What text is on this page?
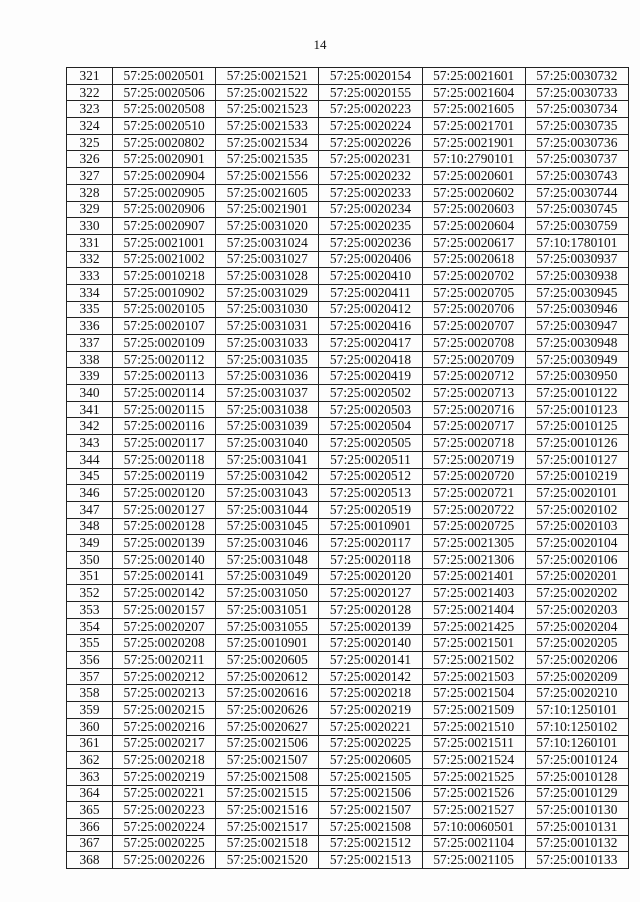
14
321	57:25:0020501	57:25:0021521	57:25:0020154	57:25:0021601	57:25:0030732
322	57:25:0020506	57:25:0021522	57:25:0020155	57:25:0021604	57:25:0030733
323	57:25:0020508	57:25:0021523	57:25:0020223	57:25:0021605	57:25:0030734
324	57:25:0020510	57:25:0021533	57:25:0020224	57:25:0021701	57:25:0030735
325	57:25:0020802	57:25:0021534	57:25:0020226	57:25:0021901	57:25:0030736
326	57:25:0020901	57:25:0021535	57:25:0020231	57:10:2790101	57:25:0030737
327	57:25:0020904	57:25:0021556	57:25:0020232	57:25:0020601	57:25:0030743
328	57:25:0020905	57:25:0021605	57:25:0020233	57:25:0020602	57:25:0030744
329	57:25:0020906	57:25:0021901	57:25:0020234	57:25:0020603	57:25:0030745
330	57:25:0020907	57:25:0031020	57:25:0020235	57:25:0020604	57:25:0030759
331	57:25:0021001	57:25:0031024	57:25:0020236	57:25:0020617	57:10:1780101
332	57:25:0021002	57:25:0031027	57:25:0020406	57:25:0020618	57:25:0030937
333	57:25:0010218	57:25:0031028	57:25:0020410	57:25:0020702	57:25:0030938
334	57:25:0010902	57:25:0031029	57:25:0020411	57:25:0020705	57:25:0030945
335	57:25:0020105	57:25:0031030	57:25:0020412	57:25:0020706	57:25:0030946
336	57:25:0020107	57:25:0031031	57:25:0020416	57:25:0020707	57:25:0030947
337	57:25:0020109	57:25:0031033	57:25:0020417	57:25:0020708	57:25:0030948
338	57:25:0020112	57:25:0031035	57:25:0020418	57:25:0020709	57:25:0030949
339	57:25:0020113	57:25:0031036	57:25:0020419	57:25:0020712	57:25:0030950
340	57:25:0020114	57:25:0031037	57:25:0020502	57:25:0020713	57:25:0010122
341	57:25:0020115	57:25:0031038	57:25:0020503	57:25:0020716	57:25:0010123
342	57:25:0020116	57:25:0031039	57:25:0020504	57:25:0020717	57:25:0010125
343	57:25:0020117	57:25:0031040	57:25:0020505	57:25:0020718	57:25:0010126
344	57:25:0020118	57:25:0031041	57:25:0020511	57:25:0020719	57:25:0010127
345	57:25:0020119	57:25:0031042	57:25:0020512	57:25:0020720	57:25:0010219
346	57:25:0020120	57:25:0031043	57:25:0020513	57:25:0020721	57:25:0020101
347	57:25:0020127	57:25:0031044	57:25:0020519	57:25:0020722	57:25:0020102
348	57:25:0020128	57:25:0031045	57:25:0010901	57:25:0020725	57:25:0020103
349	57:25:0020139	57:25:0031046	57:25:0020117	57:25:0021305	57:25:0020104
350	57:25:0020140	57:25:0031048	57:25:0020118	57:25:0021306	57:25:0020106
351	57:25:0020141	57:25:0031049	57:25:0020120	57:25:0021401	57:25:0020201
352	57:25:0020142	57:25:0031050	57:25:0020127	57:25:0021403	57:25:0020202
353	57:25:0020157	57:25:0031051	57:25:0020128	57:25:0021404	57:25:0020203
354	57:25:0020207	57:25:0031055	57:25:0020139	57:25:0021425	57:25:0020204
355	57:25:0020208	57:25:0010901	57:25:0020140	57:25:0021501	57:25:0020205
356	57:25:0020211	57:25:0020605	57:25:0020141	57:25:0021502	57:25:0020206
357	57:25:0020212	57:25:0020612	57:25:0020142	57:25:0021503	57:25:0020209
358	57:25:0020213	57:25:0020616	57:25:0020218	57:25:0021504	57:25:0020210
359	57:25:0020215	57:25:0020626	57:25:0020219	57:25:0021509	57:10:1250101
360	57:25:0020216	57:25:0020627	57:25:0020221	57:25:0021510	57:10:1250102
361	57:25:0020217	57:25:0021506	57:25:0020225	57:25:0021511	57:10:1260101
362	57:25:0020218	57:25:0021507	57:25:0020605	57:25:0021524	57:25:0010124
363	57:25:0020219	57:25:0021508	57:25:0021505	57:25:0021525	57:25:0010128
364	57:25:0020221	57:25:0021515	57:25:0021506	57:25:0021526	57:25:0010129
365	57:25:0020223	57:25:0021516	57:25:0021507	57:25:0021527	57:25:0010130
366	57:25:0020224	57:25:0021517	57:25:0021508	57:10:0060501	57:25:0010131
367	57:25:0020225	57:25:0021518	57:25:0021512	57:25:0021104	57:25:0010132
368	57:25:0020226	57:25:0021520	57:25:0021513	57:25:0021105	57:25:0010133
